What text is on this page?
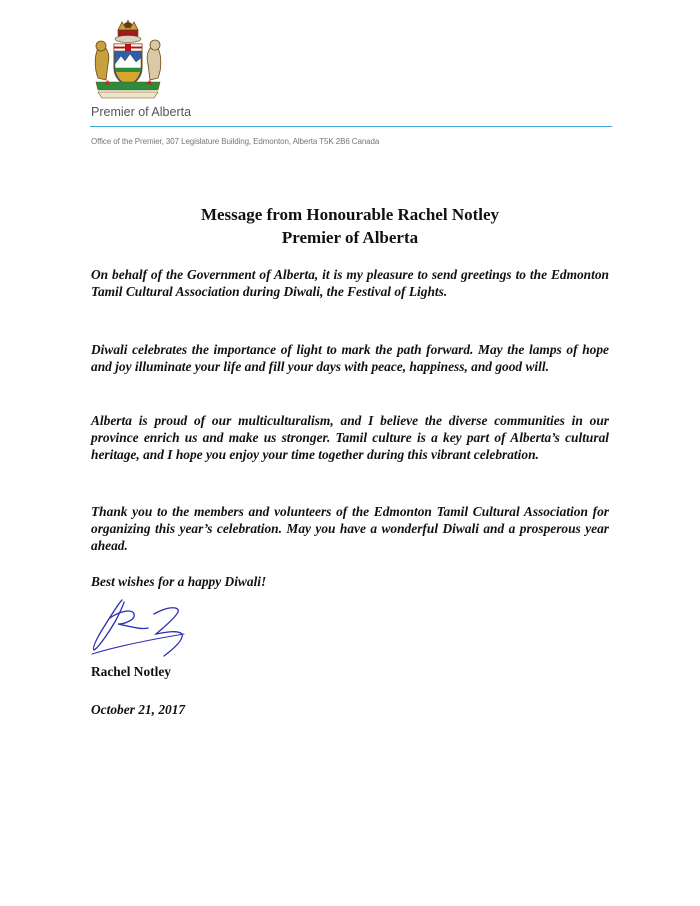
Premier of Alberta
Office of the Premier, 307 Legislature Building, Edmonton, Alberta T5K 2B6 Canada
Message from Honourable Rachel Notley
Premier of Alberta
On behalf of the Government of Alberta, it is my pleasure to send greetings to the Edmonton Tamil Cultural Association during Diwali, the Festival of Lights.
Diwali celebrates the importance of light to mark the path forward. May the lamps of hope and joy illuminate your life and fill your days with peace, happiness, and good will.
Alberta is proud of our multiculturalism, and I believe the diverse communities in our province enrich us and make us stronger. Tamil culture is a key part of Alberta’s cultural heritage, and I hope you enjoy your time together during this vibrant celebration.
Thank you to the members and volunteers of the Edmonton Tamil Cultural Association for organizing this year’s celebration. May you have a wonderful Diwali and a prosperous year ahead.
Best wishes for a happy Diwali!
Rachel Notley
October 21, 2017
